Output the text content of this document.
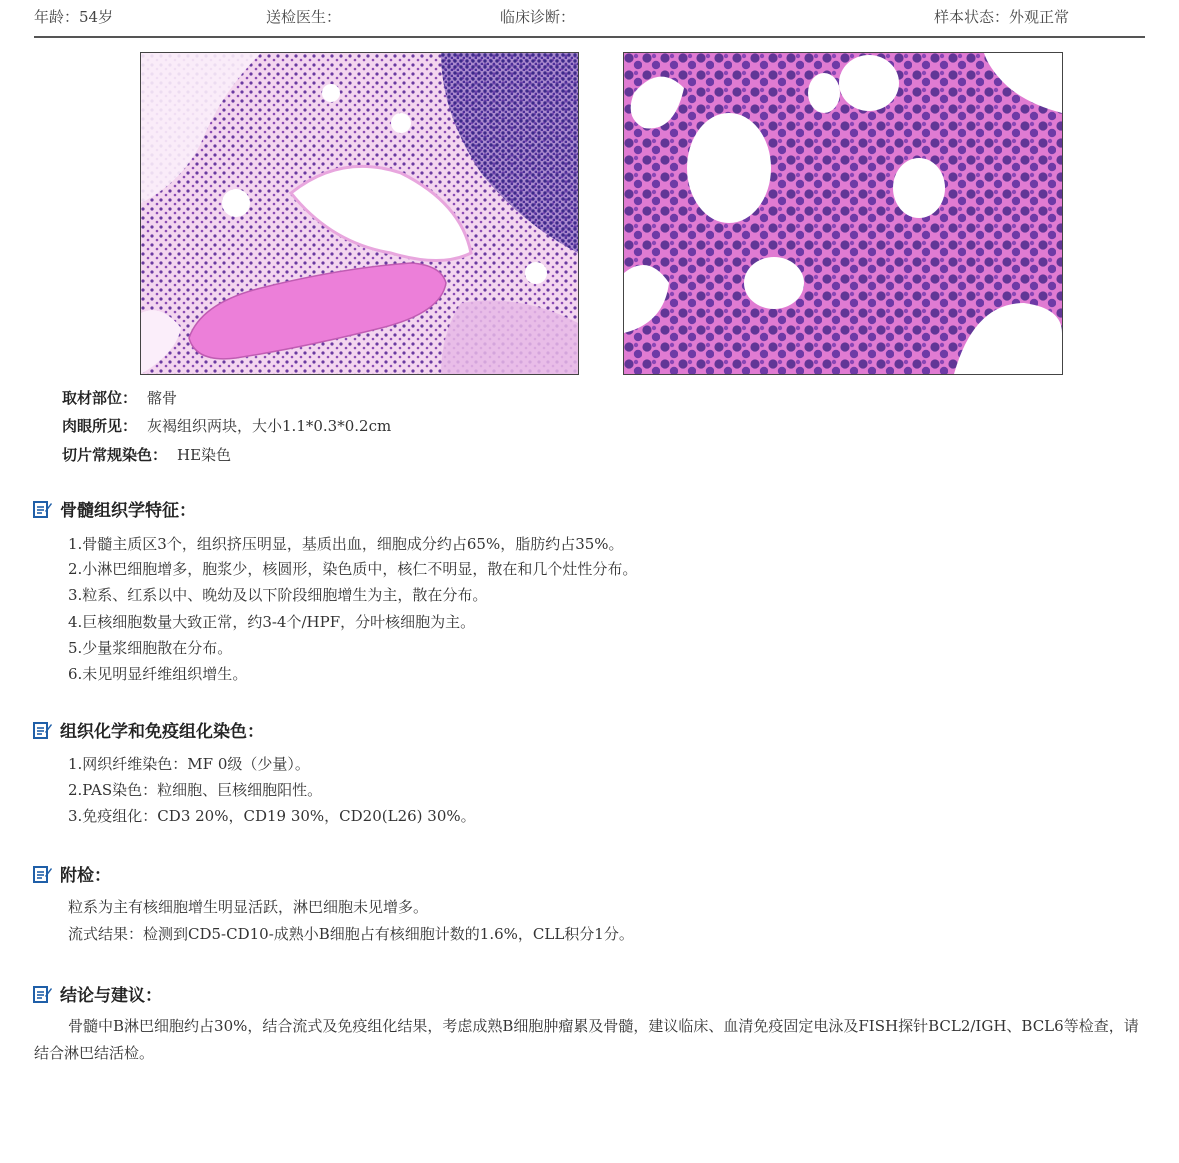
年龄：54岁	送检医生：	临床诊断：	样本状态：外观正常
取材部位： 髂骨
肉眼所见： 灰褐组织两块，大小1.1*0.3*0.2cm
切片常规染色： HE染色
骨髓组织学特征：
1.骨髓主质区3个，组织挤压明显，基质出血，细胞成分约占65%，脂肪约占35%。
2.小淋巴细胞增多，胞浆少，核圆形，染色质中，核仁不明显，散在和几个灶性分布。
3.粒系、红系以中、晚幼及以下阶段细胞增生为主，散在分布。
4.巨核细胞数量大致正常，约3-4个/HPF，分叶核细胞为主。
5.少量浆细胞散在分布。
6.未见明显纤维组织增生。
组织化学和免疫组化染色：
1.网织纤维染色：MF 0级（少量）。
2.PAS染色：粒细胞、巨核细胞阳性。
3.免疫组化：CD3 20%，CD19 30%，CD20(L26) 30%。
附检：
粒系为主有核细胞增生明显活跃，淋巴细胞未见增多。
流式结果：检测到CD5-CD10-成熟小B细胞占有核细胞计数的1.6%，CLL积分1分。
结论与建议：

骨髓中B淋巴细胞约占30%，结合流式及免疫组化结果，考虑成熟B细胞肿瘤累及骨髓，建议临床、血清免疫固定电泳及FISH探针BCL2/IGH、BCL6等检查，请结合淋巴结活检。
